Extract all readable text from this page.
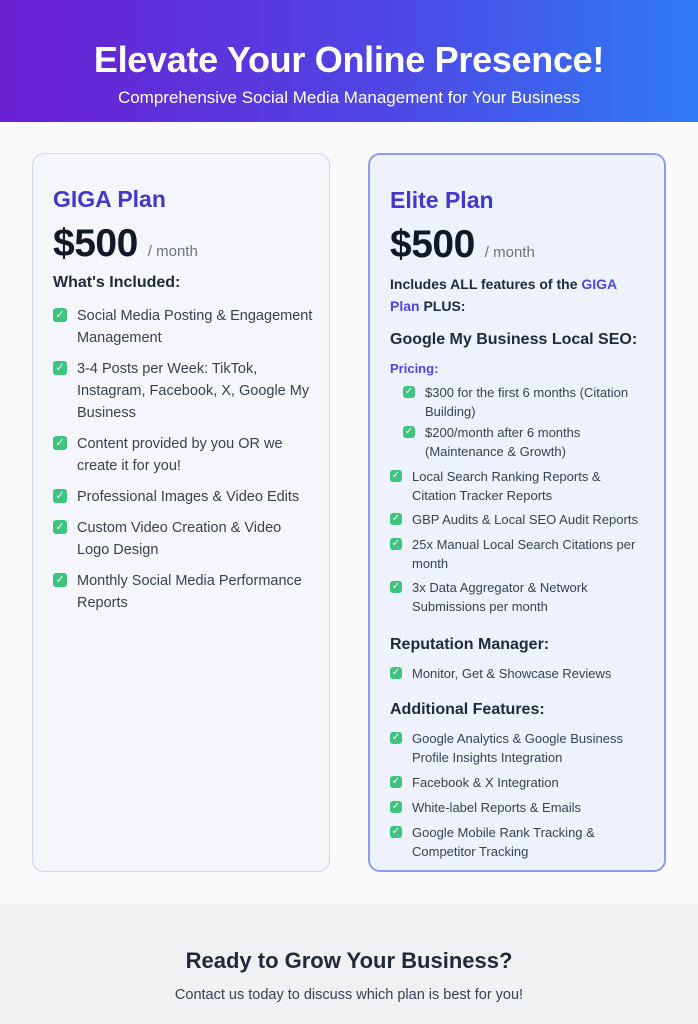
Elevate Your Online Presence!

Comprehensive Social Media Management for Your Business

GIGA Plan
$500 / month
What's Included:
✓ Social Media Posting & Engagement Management
✓ 3-4 Posts per Week: TikTok, Instagram, Facebook, X, Google My Business
✓ Content provided by you OR we create it for you!
✓ Professional Images & Video Edits
✓ Custom Video Creation & Video Logo Design
✓ Monthly Social Media Performance Reports
Elite Plan
$500 / month
Includes ALL features of the GIGA Plan PLUS:
Google My Business Local SEO:
Pricing:
✓ $300 for the first 6 months (Citation Building)
✓ $200/month after 6 months (Maintenance & Growth)
✓ Local Search Ranking Reports & Citation Tracker Reports
✓ GBP Audits & Local SEO Audit Reports
✓ 25x Manual Local Search Citations per month
✓ 3x Data Aggregator & Network Submissions per month
Reputation Manager:
✓ Monitor, Get & Showcase Reviews
Additional Features:
✓ Google Analytics & Google Business Profile Insights Integration
✓ Facebook & X Integration
✓ White-label Reports & Emails
✓ Google Mobile Rank Tracking & Competitor Tracking
Ready to Grow Your Business?

Contact us today to discuss which plan is best for you!
